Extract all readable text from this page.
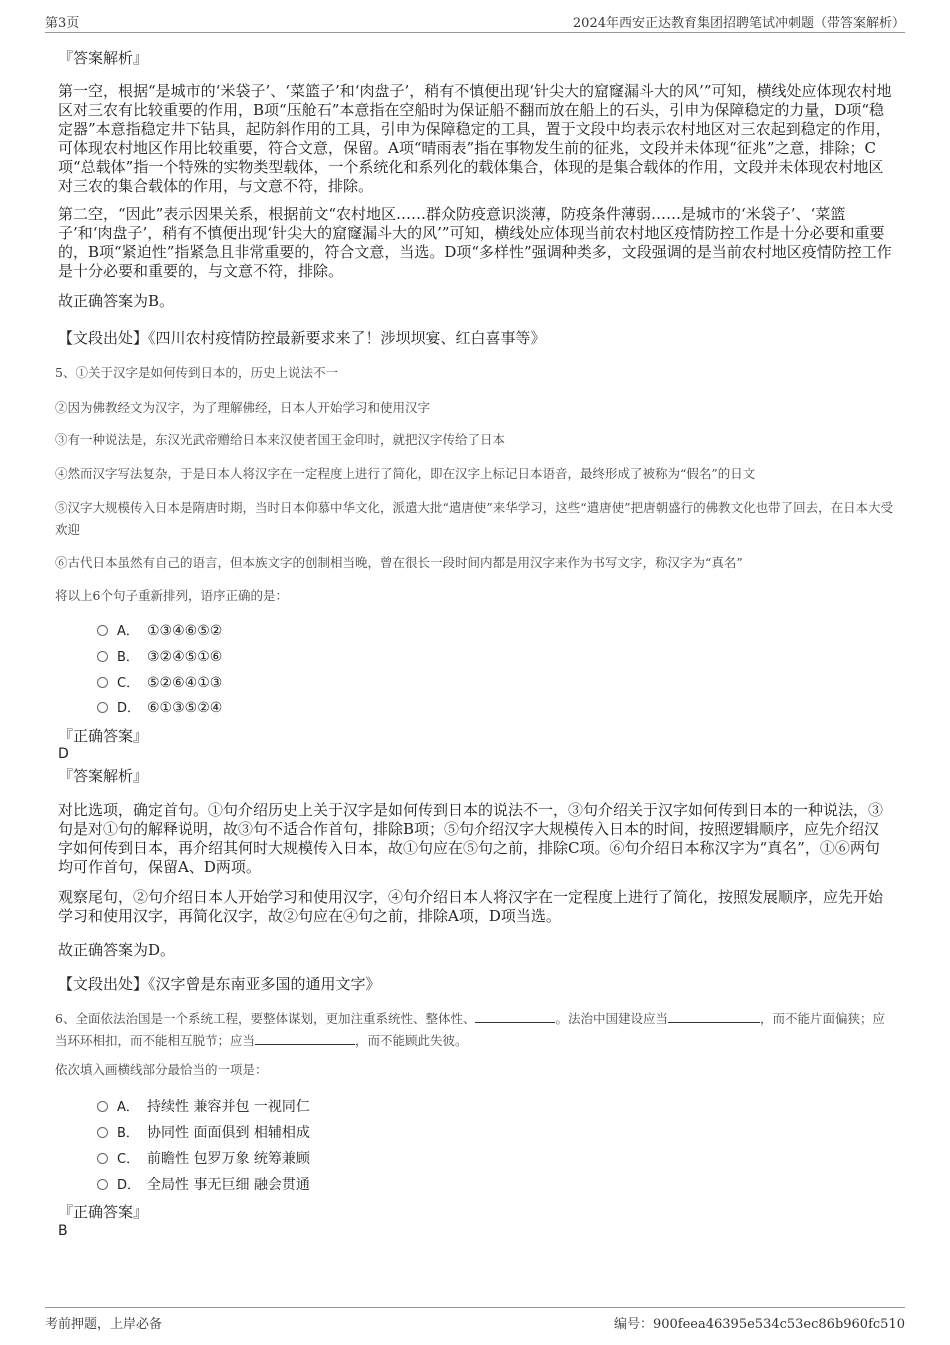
第3页	2024年西安正达教育集团招聘笔试冲刺题（带答案解析）
『答案解析』
第一空，根据“是城市的‘米袋子’、‘菜篮子’和‘肉盘子’，稍有不慎便出现‘针尖大的窟窿漏斗大的风’”可知，横线处应体现农村地区对三农有比较重要的作用，B项“压舱石”本意指在空船时为保证船不翻而放在船上的石头，引申为保障稳定的力量，D项“稳定器”本意指稳定井下钻具，起防斜作用的工具，引申为保障稳定的工具，置于文段中均表示农村地区对三农起到稳定的作用，可体现农村地区作用比较重要，符合文意，保留。A项“晴雨表”指在事物发生前的征兆，文段并未体现“征兆”之意，排除；C项“总载体”指一个特殊的实物类型载体，一个系统化和系列化的载体集合，体现的是集合载体的作用，文段并未体现农村地区对三农的集合载体的作用，与文意不符，排除。
第二空，“因此”表示因果关系，根据前文“农村地区……群众防疫意识淡薄，防疫条件薄弱……是城市的‘米袋子’、‘菜篮子’和‘肉盘子’，稍有不慎便出现‘针尖大的窟窿漏斗大的风’”可知，横线处应体现当前农村地区疫情防控工作是十分必要和重要的，B项“紧迫性”指紧急且非常重要的，符合文意，当选。D项“多样性”强调种类多，文段强调的是当前农村地区疫情防控工作是十分必要和重要的，与文意不符，排除。
故正确答案为B。
【文段出处】《四川农村疫情防控最新要求来了！涉坝坝宴、红白喜事等》
5、①关于汉字是如何传到日本的，历史上说法不一
②因为佛教经文为汉字，为了理解佛经，日本人开始学习和使用汉字
③有一种说法是，东汉光武帝赠给日本来汉使者国王金印时，就把汉字传给了日本
④然而汉字写法复杂，于是日本人将汉字在一定程度上进行了简化，即在汉字上标记日本语音，最终形成了被称为“假名”的日文
⑤汉字大规模传入日本是隋唐时期，当时日本仰慕中华文化，派遣大批“遣唐使”来华学习，这些“遣唐使”把唐朝盛行的佛教文化也带了回去，在日本大受欢迎
⑥古代日本虽然有自己的语言，但本族文字的创制相当晚，曾在很长一段时间内都是用汉字来作为书写文字，称汉字为“真名”
将以上6个句子重新排列，语序正确的是：
A． ①③④⑥⑤②
B． ③②④⑤①⑥
C． ⑤②⑥④①③
D． ⑥①③⑤②④
『正确答案』
D
『答案解析』
对比选项，确定首句。①句介绍历史上关于汉字是如何传到日本的说法不一，③句介绍关于汉字如何传到日本的一种说法，③句是对①句的解释说明，故③句不适合作首句，排除B项；⑤句介绍汉字大规模传入日本的时间，按照逻辑顺序，应先介绍汉字如何传到日本，再介绍其何时大规模传入日本，故①句应在⑤句之前，排除C项。⑥句介绍日本称汉字为“真名”，①⑥两句均可作首句，保留A、D两项。
观察尾句，②句介绍日本人开始学习和使用汉字，④句介绍日本人将汉字在一定程度上进行了简化，按照发展顺序，应先开始学习和使用汉字，再简化汉字，故②句应在④句之前，排除A项，D项当选。
故正确答案为D。
【文段出处】《汉字曾是东南亚多国的通用文字》
6、全面依法治国是一个系统工程，要整体谋划，更加注重系统性、整体性、	。法治中国建设应当	，而不能片面偏狭；应当环环相扣，而不能相互脱节；应当	，而不能顾此失彼。
依次填入画横线部分最恰当的一项是：
A． 持续性 兼容并包 一视同仁
B． 协同性 面面俱到 相辅相成
C． 前瞻性 包罗万象 统筹兼顾
D． 全局性 事无巨细 融会贯通
『正确答案』
B
考前押题，上岸必备	编号：900feea46395e534c53ec86b960fc510
